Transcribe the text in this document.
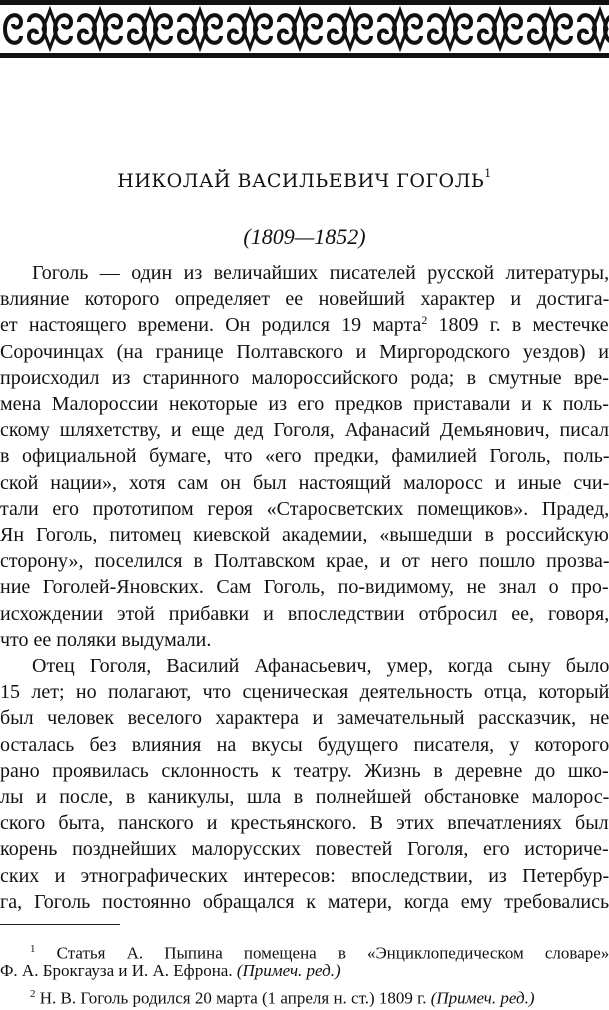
НИКОЛАЙ ВАСИЛЬЕВИЧ ГОГОЛЬ$^1$
(1809—1852)
Гоголь — один из величайших писателей русской литературы,
влияние которого определяет ее новейший характер и достига-
ет настоящего времени. Он родился 19 марта$^2$ 1809 г. в местечке
Сорочинцах (на границе Полтавского и Миргородского уездов) и
происходил из старинного малороссийского рода; в смутные вре-
мена Малороссии некоторые из его предков приставали и к поль-
скому шляхетству, и еще дед Гоголя, Афанасий Демьянович, писал
в официальной бумаге, что «его предки, фамилией Гоголь, поль-
ской нации», хотя сам он был настоящий малоросс и иные счи-
тали его прототипом героя «Старосветских помещиков». Прадед,
Ян Гоголь, питомец киевской академии, «вышедши в российскую
сторону», поселился в Полтавском крае, и от него пошло прозва-
ние Гоголей-Яновских. Сам Гоголь, по-видимому, не знал о про-
исхождении этой прибавки и впоследствии отбросил ее, говоря,
что ее поляки выдумали.
Отец Гоголя, Василий Афанасьевич, умер, когда сыну было
15 лет; но полагают, что сценическая деятельность отца, который
был человек веселого характера и замечательный рассказчик, не
осталась без влияния на вкусы будущего писателя, у которого
рано проявилась склонность к театру. Жизнь в деревне до шко-
лы и после, в каникулы, шла в полнейшей обстановке малорос-
ского быта, панского и крестьянского. В этих впечатлениях был
корень позднейших малорусских повестей Гоголя, его историче-
ских и этнографических интересов: впоследствии, из Петербур-
га, Гоголь постоянно обращался к матери, когда ему требовались
$^1$ Статья А. Пыпина помещена в «Энциклопедическом словаре»
Ф. А. Брокгауза и И. А. Ефрона. (Примеч. ред.)
$^2$ Н. В. Гоголь родился 20 марта (1 апреля н. ст.) 1809 г. (Примеч. ред.)
